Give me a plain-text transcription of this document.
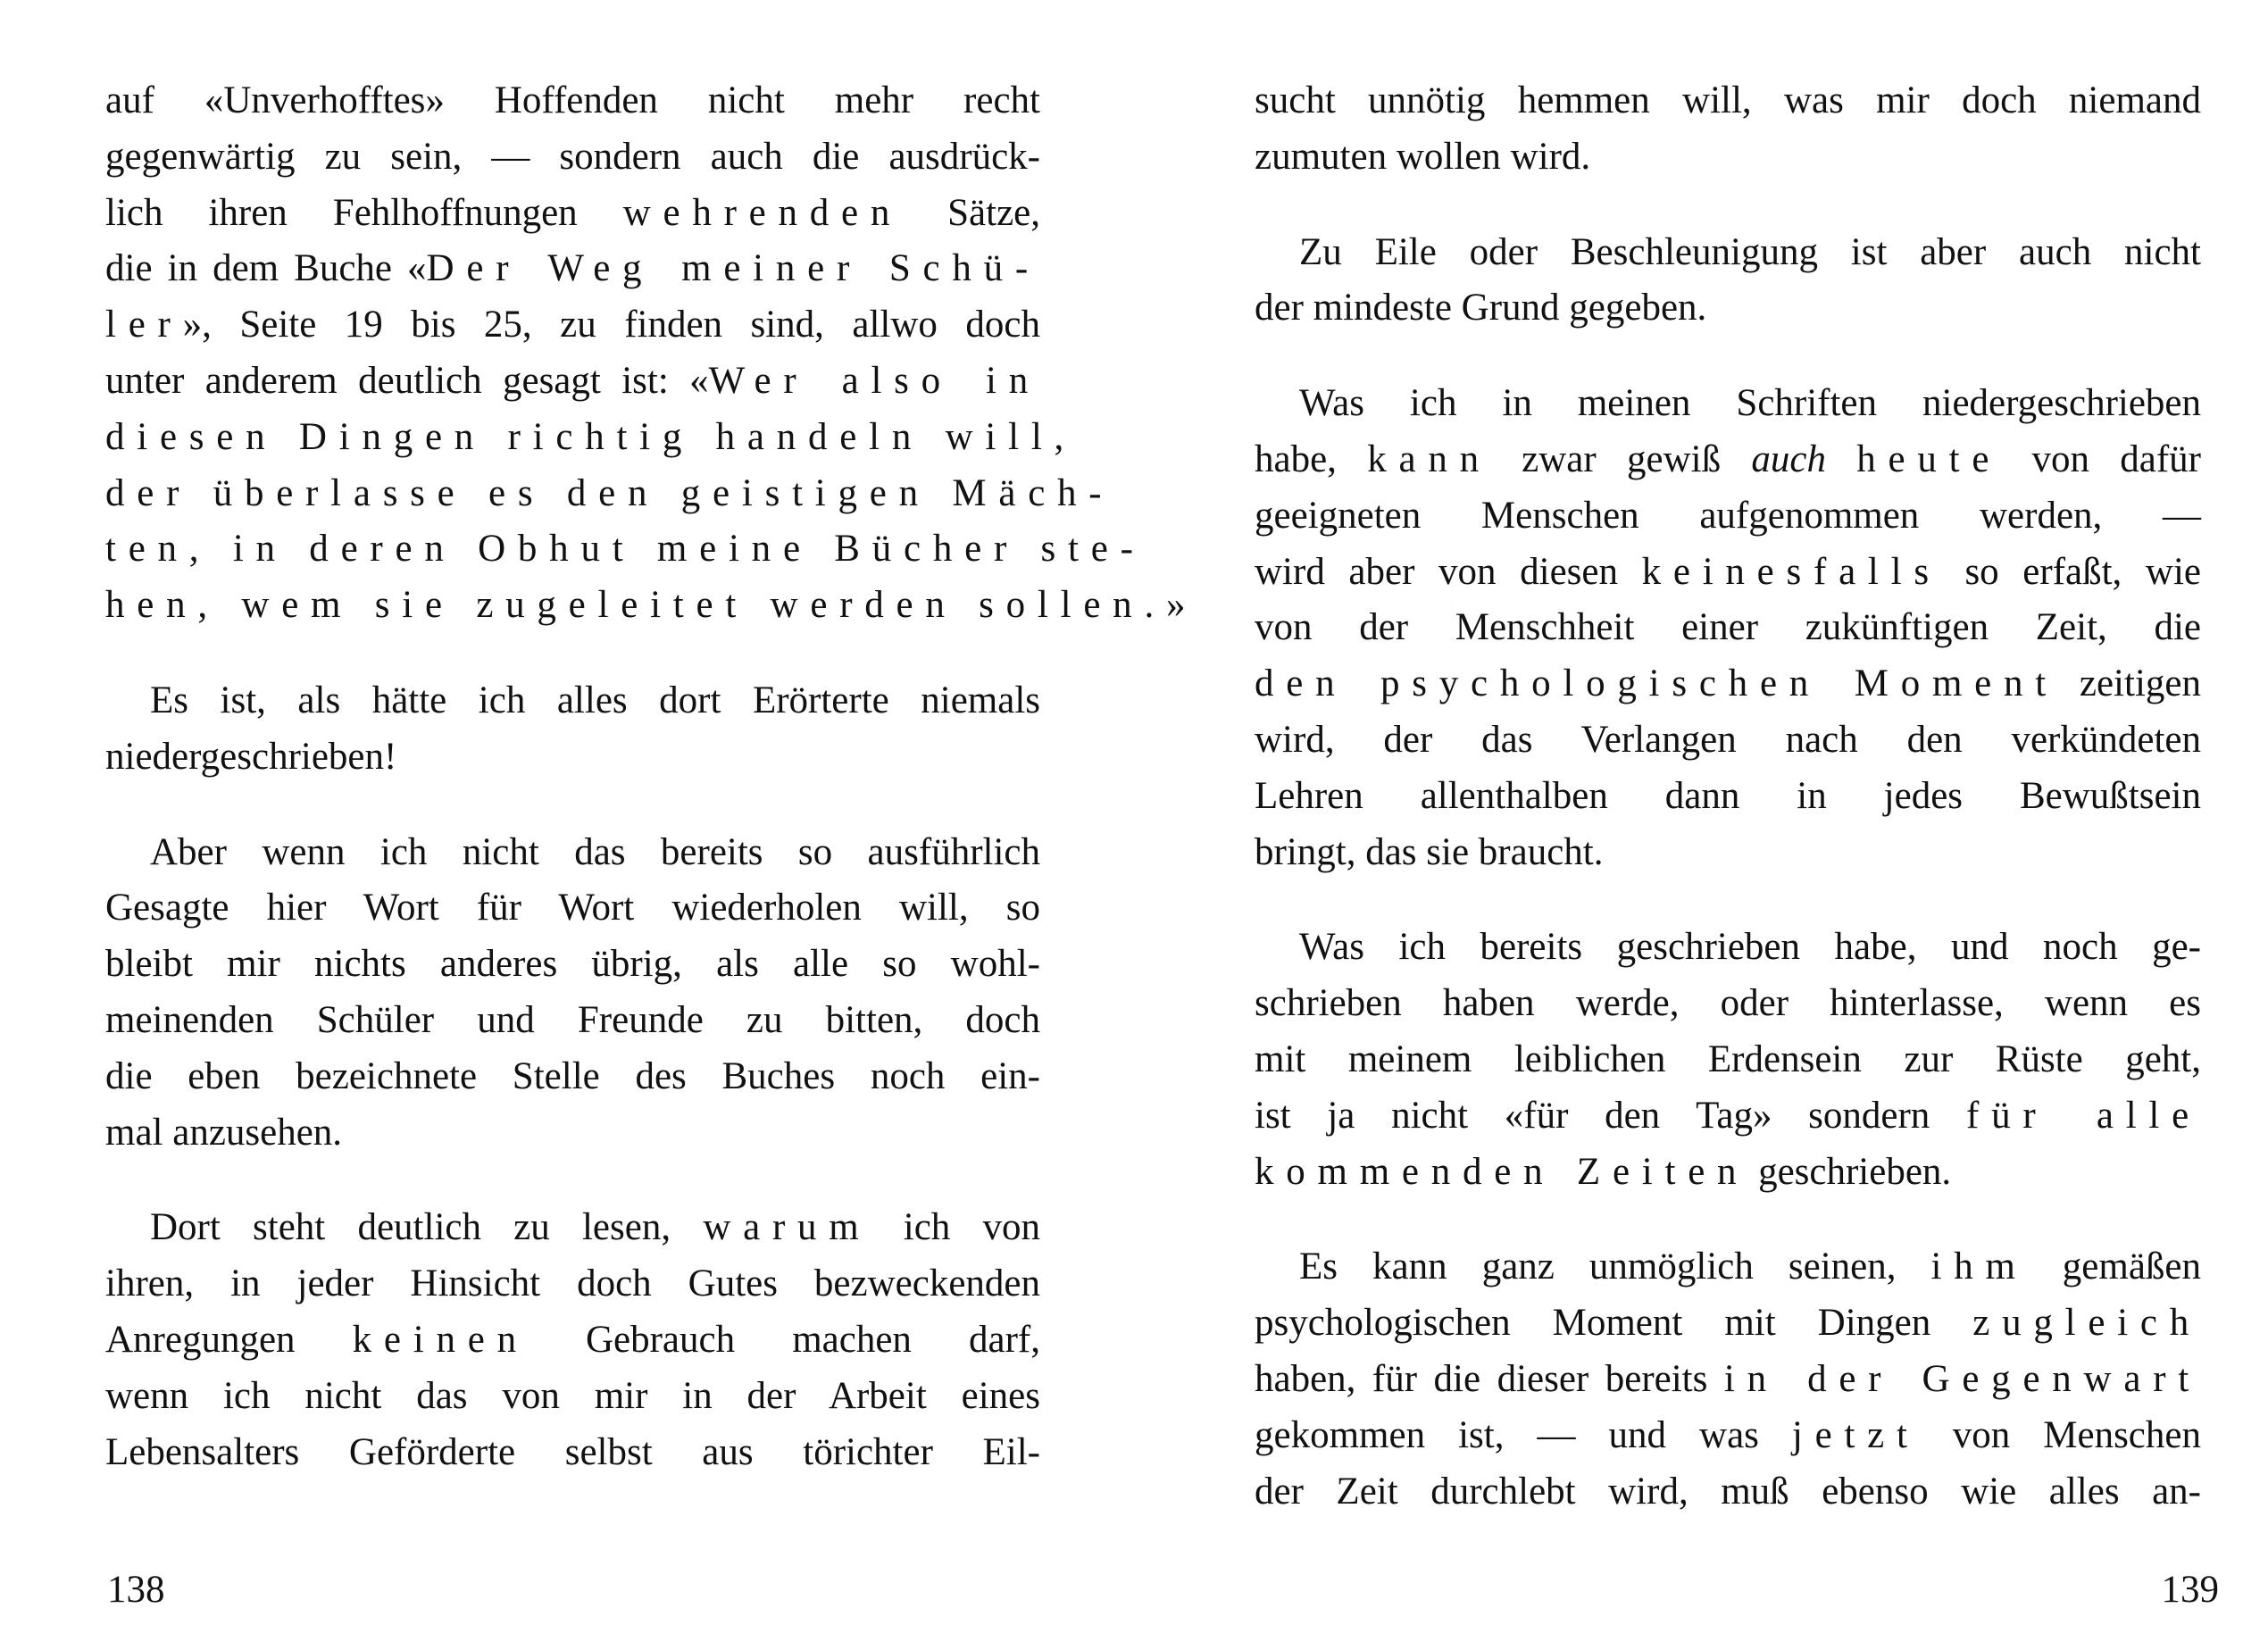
auf «Unverhofftes» Hoffenden nicht mehr recht
gegenwärtig zu sein, — sondern auch die ausdrück-
lich ihren Fehlhoffnungen wehrenden Sätze,
die in dem Buche «Der Weg meiner Schü-
ler», Seite 19 bis 25, zu finden sind, allwo doch
unter anderem deutlich gesagt ist: «Wer also in
diesen Dingen richtig handeln will,
der überlasse es den geistigen Mäch-
ten, in deren Obhut meine Bücher ste-
hen, wem sie zugeleitet werden sollen.»
Es ist, als hätte ich alles dort Erörterte niemals
niedergeschrieben!
Aber wenn ich nicht das bereits so ausführlich
Gesagte hier Wort für Wort wiederholen will, so
bleibt mir nichts anderes übrig, als alle so wohl-
meinenden Schüler und Freunde zu bitten, doch
die eben bezeichnete Stelle des Buches noch ein-
mal anzusehen.
Dort steht deutlich zu lesen, warum ich von
ihren, in jeder Hinsicht doch Gutes bezweckenden
Anregungen keinen Gebrauch machen darf,
wenn ich nicht das von mir in der Arbeit eines
Lebensalters Geförderte selbst aus törichter Eil-
138
sucht unnötig hemmen will, was mir doch niemand
zumuten wollen wird.
Zu Eile oder Beschleunigung ist aber auch nicht
der mindeste Grund gegeben.
Was ich in meinen Schriften niedergeschrieben
habe, kann zwar gewiß auch heute von dafür
geeigneten Menschen aufgenommen werden, —
wird aber von diesen keinesfalls so erfaßt, wie
von der Menschheit einer zukünftigen Zeit, die
den psychologischen Moment zeitigen
wird, der das Verlangen nach den verkündeten
Lehren allenthalben dann in jedes Bewußtsein
bringt, das sie braucht.
Was ich bereits geschrieben habe, und noch ge-
schrieben haben werde, oder hinterlasse, wenn es
mit meinem leiblichen Erdensein zur Rüste geht,
ist ja nicht «für den Tag» sondern für alle
kommenden Zeiten geschrieben.
Es kann ganz unmöglich seinen, ihm gemäßen
psychologischen Moment mit Dingen zugleich
haben, für die dieser bereits in der Gegenwart
gekommen ist, — und was jetzt von Menschen
der Zeit durchlebt wird, muß ebenso wie alles an-
139
